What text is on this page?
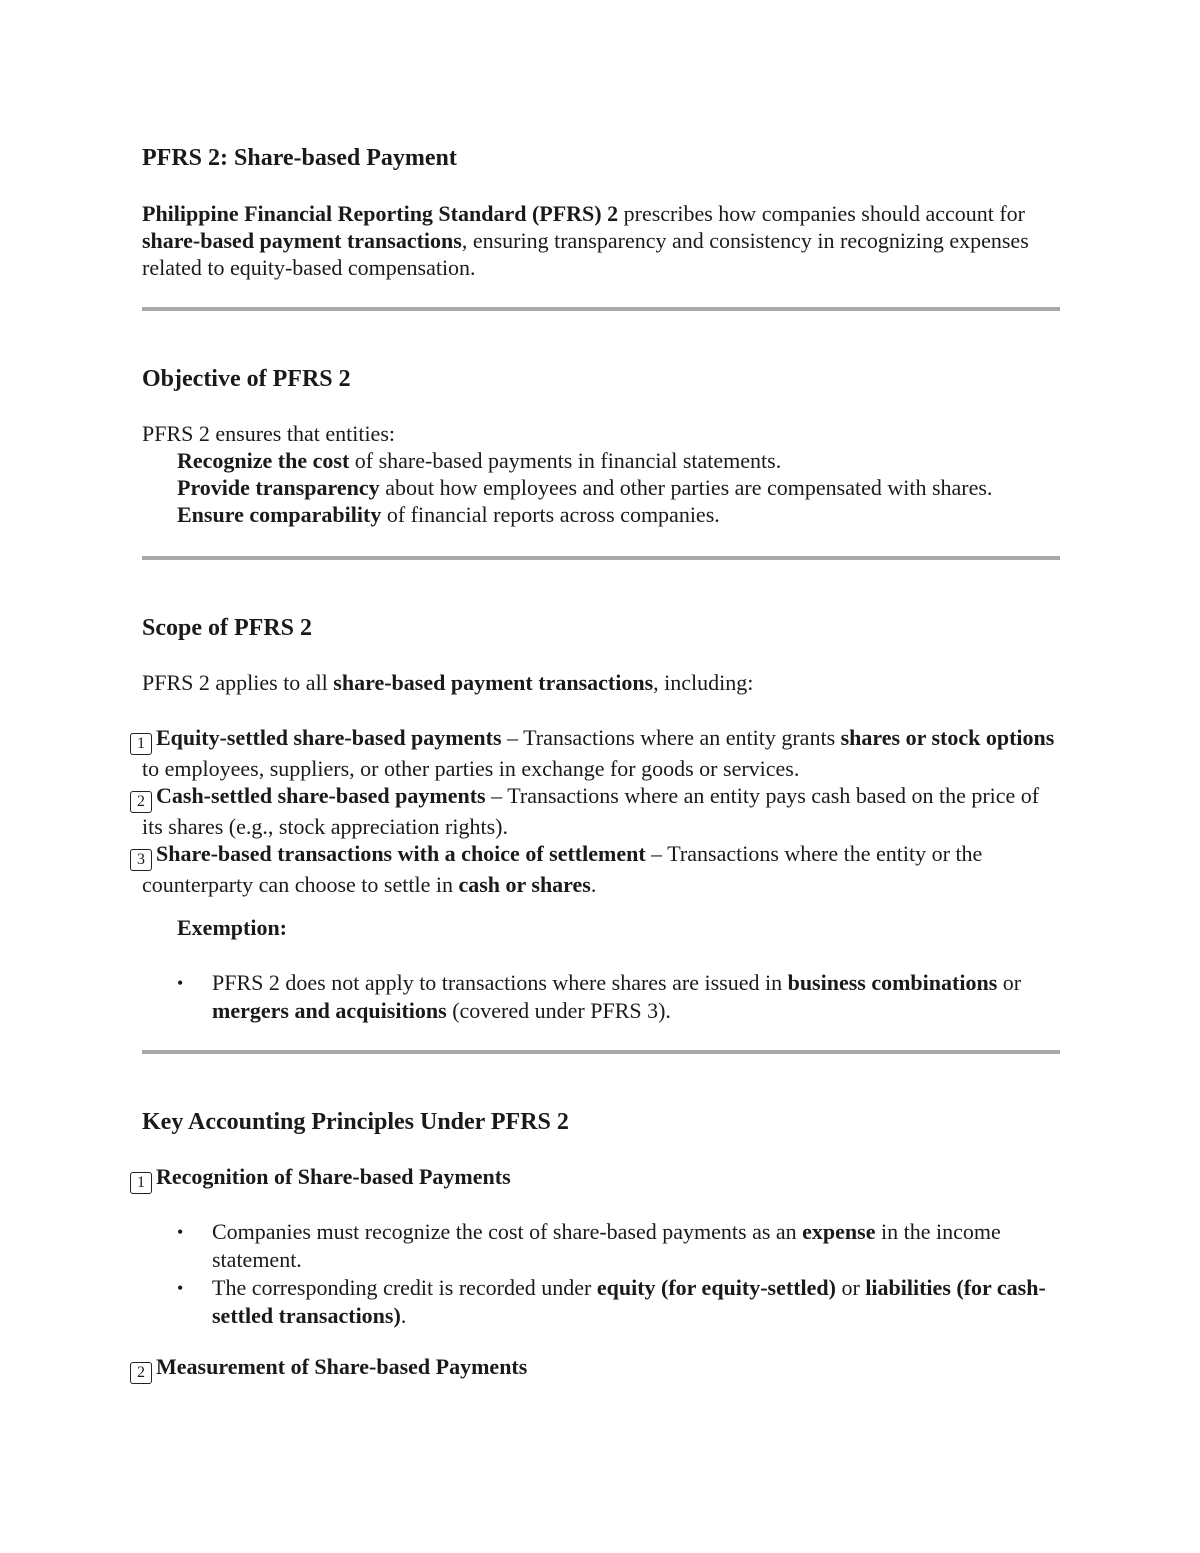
PFRS 2: Share-based Payment

Philippine Financial Reporting Standard (PFRS) 2 prescribes how companies should account for share-based payment transactions, ensuring transparency and consistency in recognizing expenses related to equity-based compensation.

Objective of PFRS 2

PFRS 2 ensures that entities:

Recognize the cost of share-based payments in financial statements.

Provide transparency about how employees and other parties are compensated with shares.

Ensure comparability of financial reports across companies.

Scope of PFRS 2

PFRS 2 applies to all share-based payment transactions, including:

1 Equity-settled share-based payments – Transactions where an entity grants shares or stock options to employees, suppliers, or other parties in exchange for goods or services.

2 Cash-settled share-based payments – Transactions where an entity pays cash based on the price of its shares (e.g., stock appreciation rights).

3 Share-based transactions with a choice of settlement – Transactions where the entity or the counterparty can choose to settle in cash or shares.

Exemption:

• PFRS 2 does not apply to transactions where shares are issued in business combinations or mergers and acquisitions (covered under PFRS 3).
Key Accounting Principles Under PFRS 2

1 Recognition of Share-based Payments

• Companies must recognize the cost of share-based payments as an expense in the income statement.
• The corresponding credit is recorded under equity (for equity-settled) or liabilities (for cash-settled transactions).

2 Measurement of Share-based Payments
